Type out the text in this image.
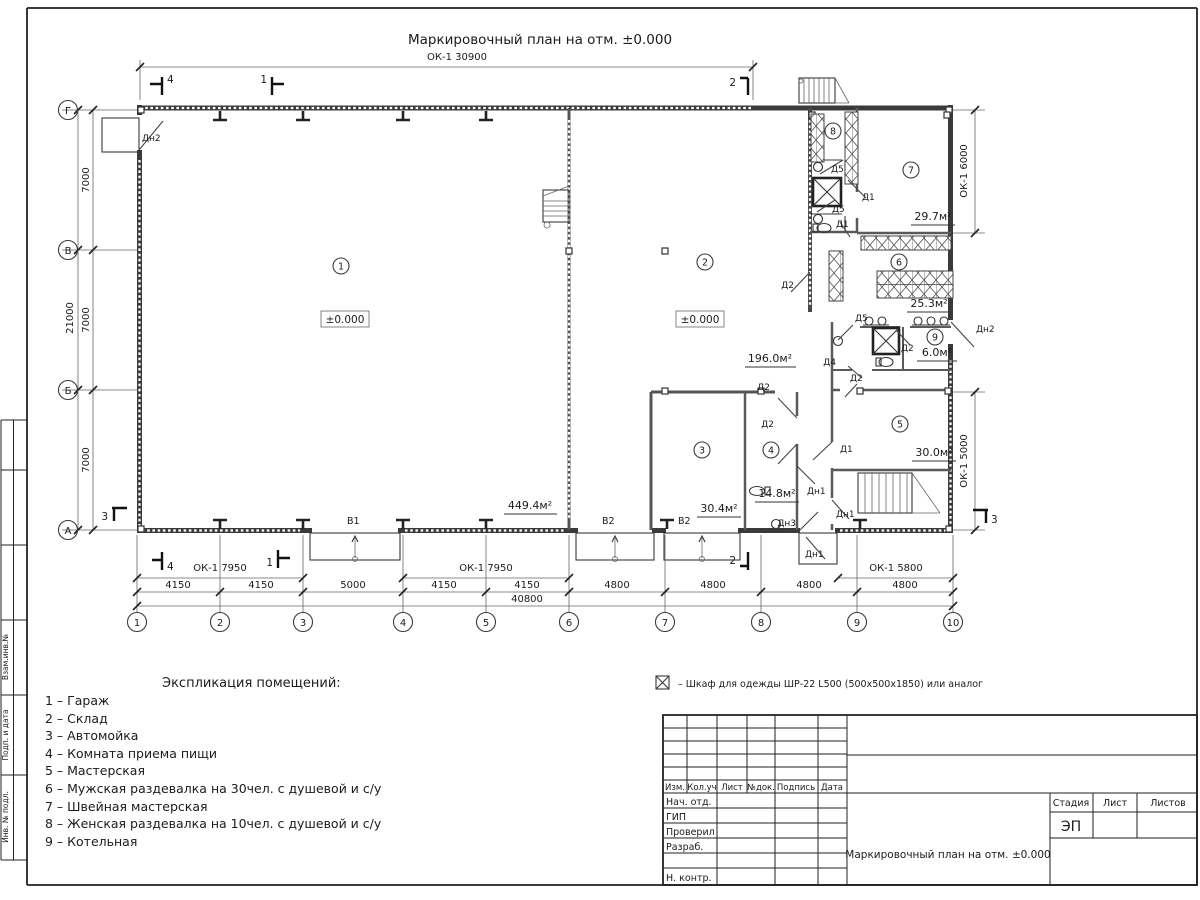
Взам.инв.№
Подп. и дата
Инв. № подл.
Маркировочный план на отм. ±0.000
ОК-1 30900
4150	4150	5000	4150	4150	4800	4800	4800	4800
40800
ОК-1 7950	ОК-1 7950	ОК-1 5800
ОК-1 6000
ОК-1 5000
7000
7000
7000
21000
1	2	3	4	5	6	7	8	9	10
Г
В
Б
А
4	1	2
4	1	2
3	3
1	2
3	4
5
6
7
8
9
±0.000	±0.000
449.4м²
196.0м²
30.4м²
14.8м²
30.0м²
25.3м²
29.7м²
6.0м²
Дн2
Дн2
Д5
Д5
Д5
Д1
Д1
Д1
Д2
Д2
Д2
Д2
Д2
Д4
Дн1
Дн1
Дн1
Дн3
В1	В2	В2
Экспликация помещений:
1 – Гараж
2 – Склад
3 – Автомойка
4 – Комната приема пищи
5 – Мастерская
6 – Мужская раздевалка на 30чел. с душевой и с/у
7 – Швейная мастерская
8 – Женская раздевалка на 10чел. с душевой и с/у
9 – Котельная
– Шкаф для одежды ШР-22 L500 (500x500x1850) или аналог
Изм. Кол.уч Лист №док. Подпись Дата
Нач. отд.
ГИП
Проверил
Разраб.
Н. контр.
Стадия Лист Листов
ЭП
Маркировочный план на отм. ±0.000
